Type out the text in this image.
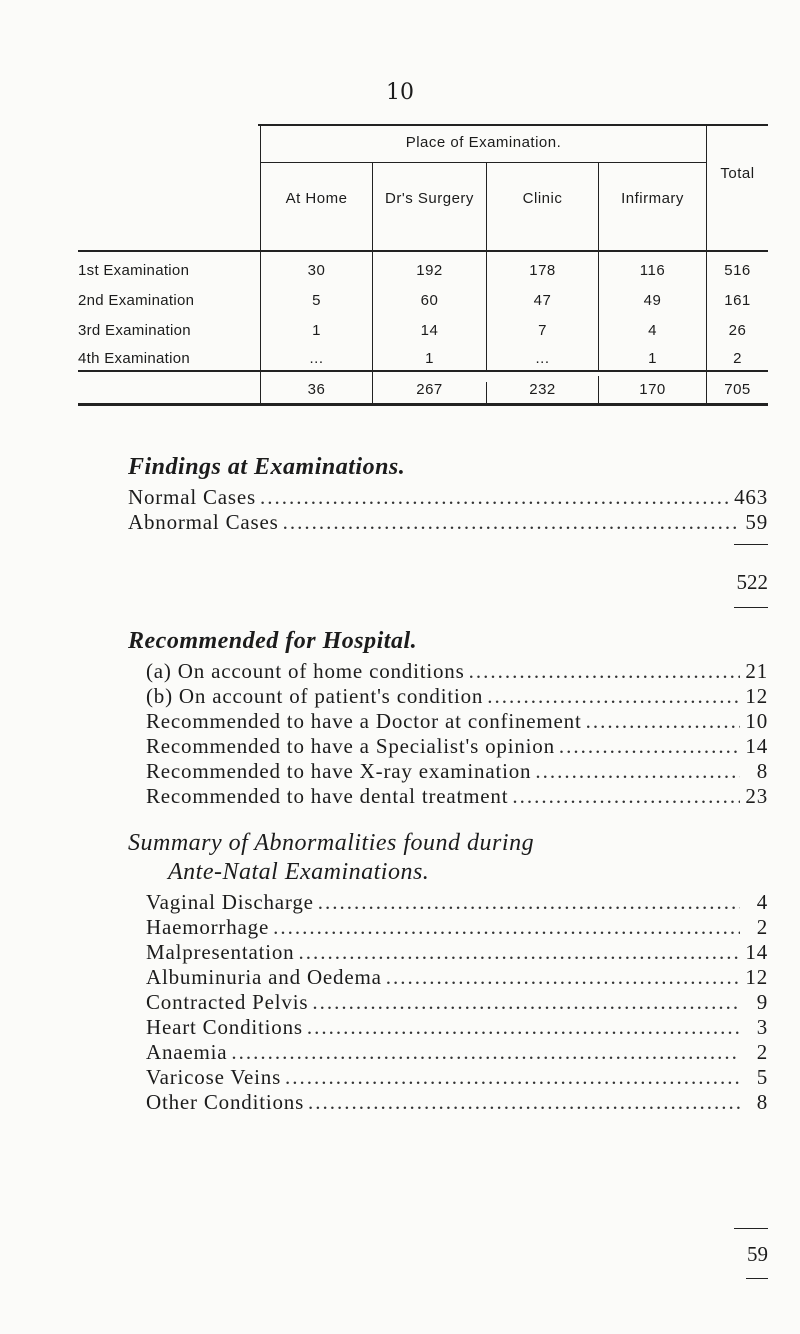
10
Place of Examination.
Total
At Home	Dr's Surgery	Clinic	Infirmary
1st Examination	30	192	178	116	516
2nd Examination	5	60	47	49	161
3rd Examination	1	14	7	4	26
4th Examination	...	1	...	1	2
36	267	232	170	705
Findings at Examinations.
Normal Cases .....	463
Abnormal Cases .....	59
522
Recommended for Hospital.
(a) On account of home conditions .....	21
(b) On account of patient's condition .....	12
Recommended to have a Doctor at confinement .....	10
Recommended to have a Specialist's opinion .....	14
Recommended to have X-ray examination .....	8
Recommended to have dental treatment .....	23
Summary of Abnormalities found during
Ante-Natal Examinations.
Vaginal Discharge .....	4
Haemorrhage .....	2
Malpresentation .....	14
Albuminuria and Oedema .....	12
Contracted Pelvis .....	9
Heart Conditions .....	3
Anaemia .....	2
Varicose Veins .....	5
Other Conditions .....	8
59
